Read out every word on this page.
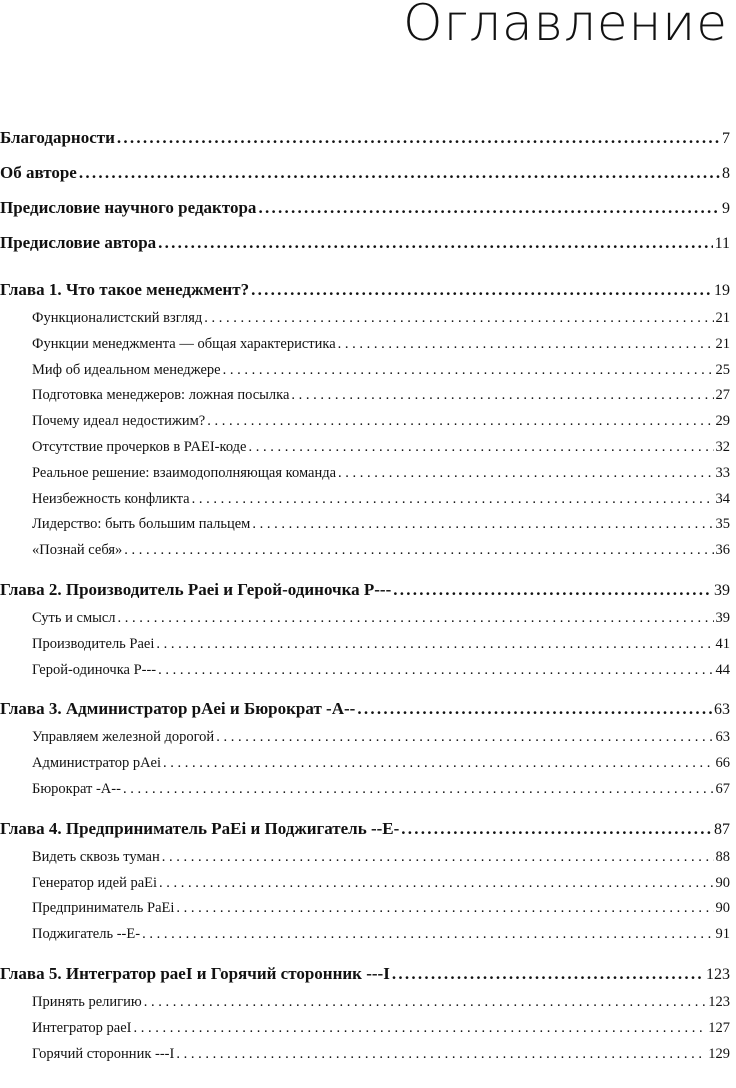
Оглавление
Благодарности . . .	7
Об авторе . . .	8
Предисловие научного редактора . . .	9
Предисловие автора . . .	11
Глава 1. Что такое менеджмент? . . .	19
Функционалистский взгляд . . .	21
Функции менеджмента — общая характеристика . . .	21
Миф об идеальном менеджере . . .	25
Подготовка менеджеров: ложная посылка . . .	27
Почему идеал недостижим? . . .	29
Отсутствие прочерков в PAEI-коде . . .	32
Реальное решение: взаимодополняющая команда . . .	33
Неизбежность конфликта . . .	34
Лидерство: быть большим пальцем . . .	35
«Познай себя» . . .	36
Глава 2. Производитель Paei и Герой-одиночка P--- . . .	39
Суть и смысл . . .	39
Производитель Paei . . .	41
Герой-одиночка P--- . . .	44
Глава 3. Администратор pAei и Бюрократ -A-- . . .	63
Управляем железной дорогой . . .	63
Администратор pAei . . .	66
Бюрократ -A-- . . .	67
Глава 4. Предприниматель PaEi и Поджигатель --E- . . .	87
Видеть сквозь туман . . .	88
Генератор идей paEi . . .	90
Предприниматель PaEi . . .	90
Поджигатель --E- . . .	91
Глава 5. Интегратор paeI и Горячий сторонник ---I . . .	123
Принять религию . . .	123
Интегратор paeI . . .	127
Горячий сторонник ---I . . .	129
